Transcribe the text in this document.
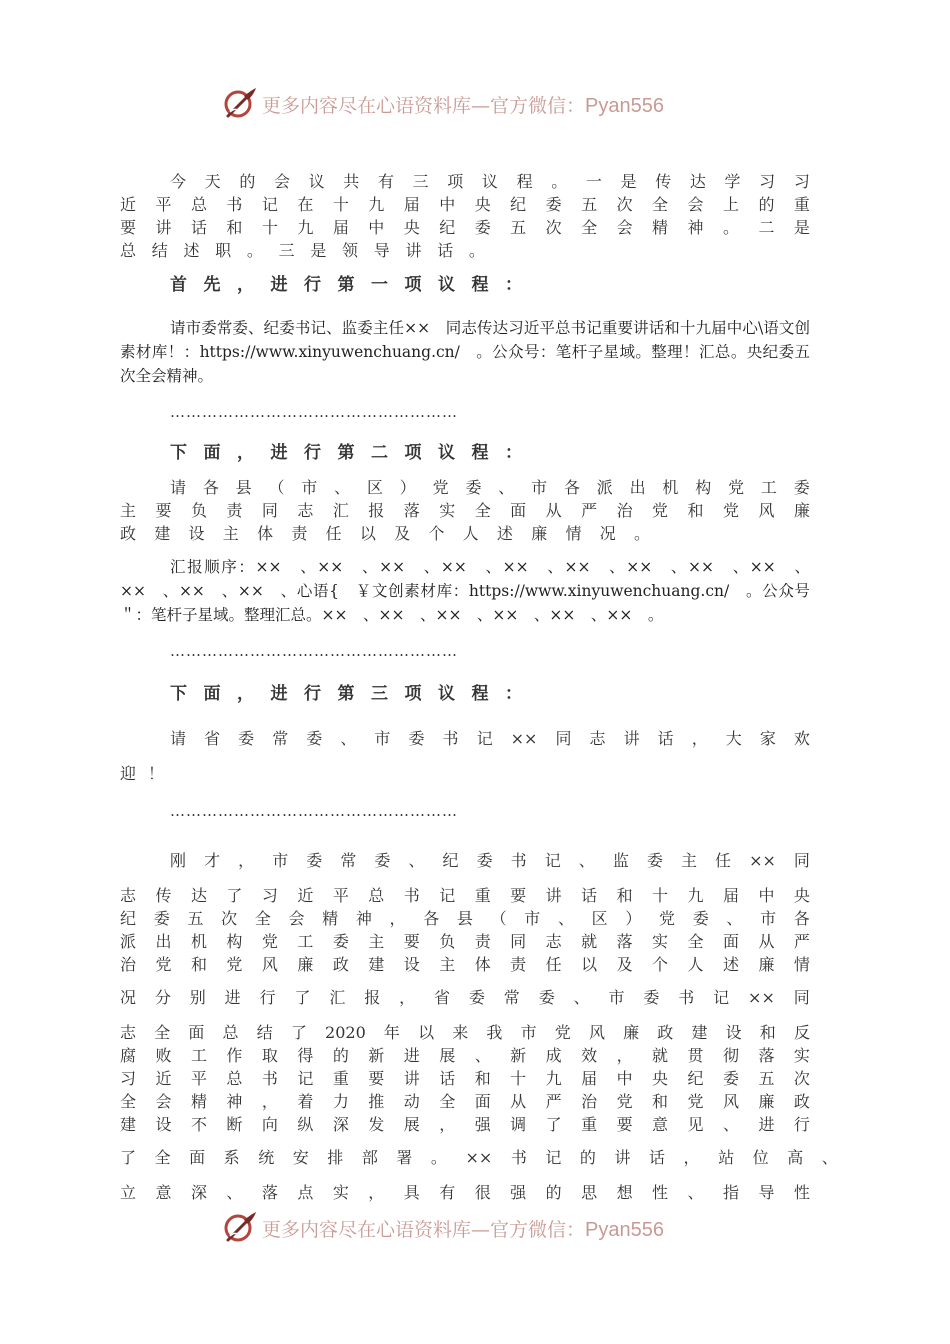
更多内容尽在心语资料库—官方微信：Pyan556
今 天 的 会 议 共 有 三 项 议 程 。 一 是 传 达 学 习 习
近 平 总 书 记 在 十 九 届 中 央 纪 委 五 次 全 会 上 的 重
要 讲 话 和 十 九 届 中 央 纪 委 五 次 全 会 精 神 。 二 是
总 结 述 职 。 三 是 领 导 讲 话 。
首 先 ， 进 行 第 一 项 议 程 ：

请市委常委、纪委书记、监委主任××　同志传达习近平总书记重要讲话和十九届中心\语文创素材库！：https://www.xinyuwenchuang.cn/　。公众号：笔杆子星域。整理！汇总。央纪委五次全会精神。

………………………………………………
下 面 ， 进 行 第 二 项 议 程 ：
请 各 县 （ 市 、 区 ） 党 委 、 市 各 派 出 机 构 党 工 委
主 要 负 责 同 志 汇 报 落 实 全 面 从 严 治 党 和 党 风 廉
政 建 设 主 体 责 任 以 及 个 人 述 廉 情 况 。

汇报顺序：××　、××　、××　、××　、××　、××　、××　、××　、××　、××　、××　、××　、心语{　￥文创素材库：https://www.xinyuwenchuang.cn/　。公众号＂：笔杆子星域。整理汇总。××　、××　、××　、××　、××　、××　。

………………………………………………
下 面 ， 进 行 第 三 项 议 程 ：
请 省 委 常 委 、 市 委 书 记 ×× 同 志 讲 话 ， 大 家 欢
迎 ！
………………………………………………
刚 才 ， 市 委 常 委 、 纪 委 书 记 、 监 委 主 任 ×× 同
志 传 达 了 习 近 平 总 书 记 重 要 讲 话 和 十 九 届 中 央
纪 委 五 次 全 会 精 神 ， 各 县 （ 市 、 区 ） 党 委 、 市 各
派 出 机 构 党 工 委 主 要 负 责 同 志 就 落 实 全 面 从 严
治 党 和 党 风 廉 政 建 设 主 体 责 任 以 及 个 人 述 廉 情
况 分 别 进 行 了 汇 报 ， 省 委 常 委 、 市 委 书 记 ×× 同
志 全 面 总 结 了 2020 年 以 来 我 市 党 风 廉 政 建 设 和 反
腐 败 工 作 取 得 的 新 进 展 、 新 成 效 ， 就 贯 彻 落 实
习 近 平 总 书 记 重 要 讲 话 和 十 九 届 中 央 纪 委 五 次
全 会 精 神 ， 着 力 推 动 全 面 从 严 治 党 和 党 风 廉 政
建 设 不 断 向 纵 深 发 展 ， 强 调 了 重 要 意 见 、 进 行
了 全 面 系 统 安 排 部 署 。 ×× 书 记 的 讲 话 ， 站 位 高 、
立 意 深 、 落 点 实 ， 具 有 很 强 的 思 想 性 、 指 导 性
更多内容尽在心语资料库—官方微信：Pyan556
